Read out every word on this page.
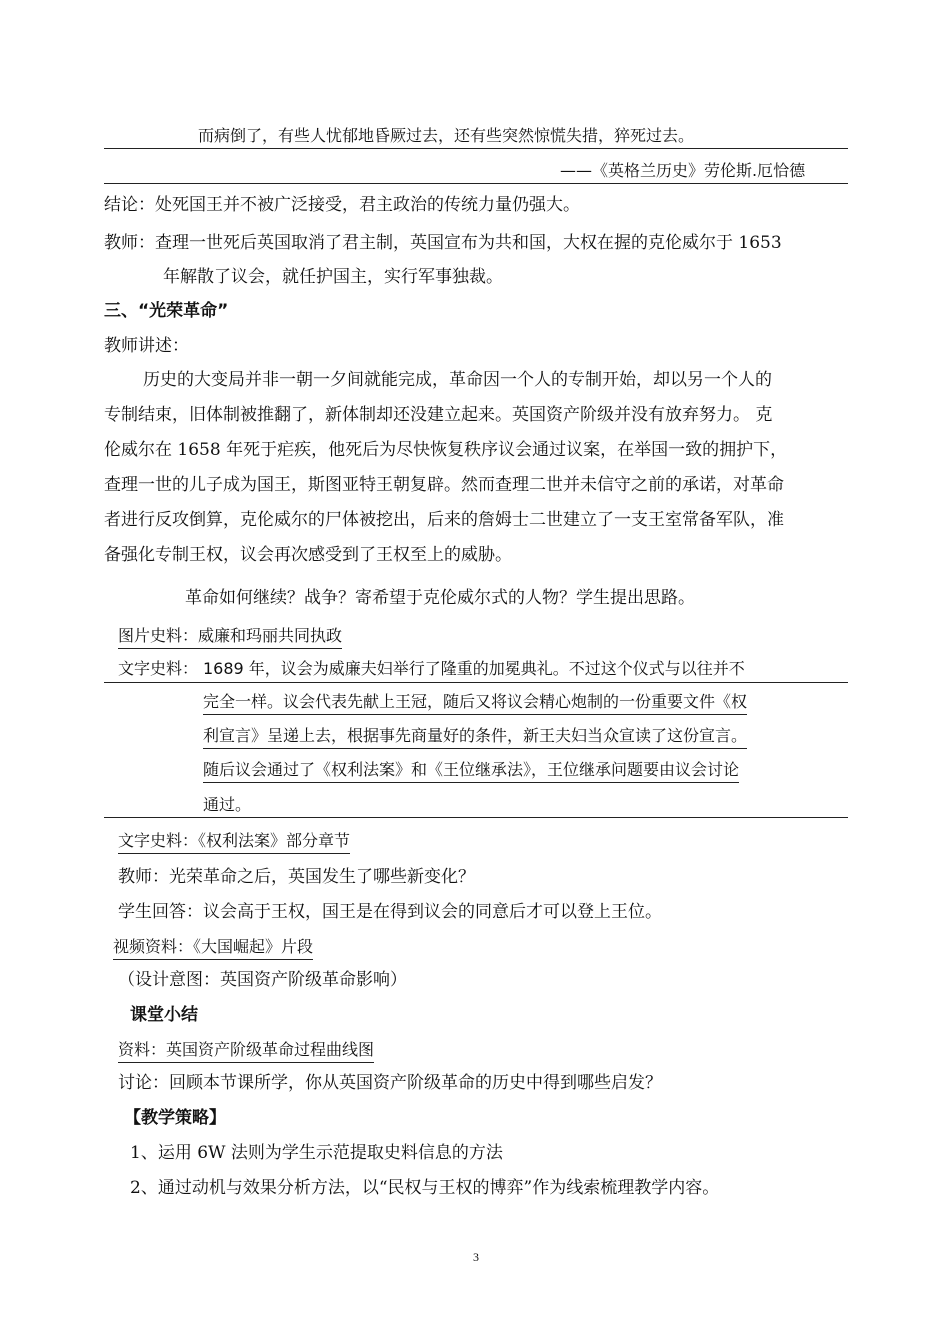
而病倒了，有些人忧郁地昏厥过去，还有些突然惊慌失措，猝死过去。
——《英格兰历史》劳伦斯.厄恰德
结论：处死国王并不被广泛接受，君主政治的传统力量仍强大。
教师：查理一世死后英国取消了君主制，英国宣布为共和国，大权在握的克伦威尔于 1653
年解散了议会，就任护国主，实行军事独裁。
三、“光荣革命”
教师讲述：
历史的大变局并非一朝一夕间就能完成，革命因一个人的专制开始，却以另一个人的
专制结束，旧体制被推翻了，新体制却还没建立起来。英国资产阶级并没有放弃努力。 克
伦威尔在 1658 年死于疟疾，他死后为尽快恢复秩序议会通过议案，在举国一致的拥护下，
查理一世的儿子成为国王，斯图亚特王朝复辟。然而查理二世并未信守之前的承诺，对革命
者进行反攻倒算，克伦威尔的尸体被挖出，后来的詹姆士二世建立了一支王室常备军队，准
备强化专制王权，议会再次感受到了王权至上的威胁。
革命如何继续？战争？寄希望于克伦威尔式的人物？学生提出思路。
图片史料：威廉和玛丽共同执政
文字史料： 1689 年，议会为威廉夫妇举行了隆重的加冕典礼。不过这个仪式与以往并不
完全一样。议会代表先献上王冠，随后又将议会精心炮制的一份重要文件《权
利宣言》呈递上去，根据事先商量好的条件，新王夫妇当众宣读了这份宣言。
随后议会通过了《权利法案》和《王位继承法》，王位继承问题要由议会讨论
通过。
文字史料：《权利法案》部分章节
教师：光荣革命之后，英国发生了哪些新变化？
学生回答：议会高于王权，国王是在得到议会的同意后才可以登上王位。
视频资料：《大国崛起》片段
（设计意图：英国资产阶级革命影响）
课堂小结
资料：英国资产阶级革命过程曲线图
讨论：回顾本节课所学，你从英国资产阶级革命的历史中得到哪些启发？
【教学策略】
1、运用 6W 法则为学生示范提取史料信息的方法
2、通过动机与效果分析方法，以“民权与王权的博弈”作为线索梳理教学内容。
3
